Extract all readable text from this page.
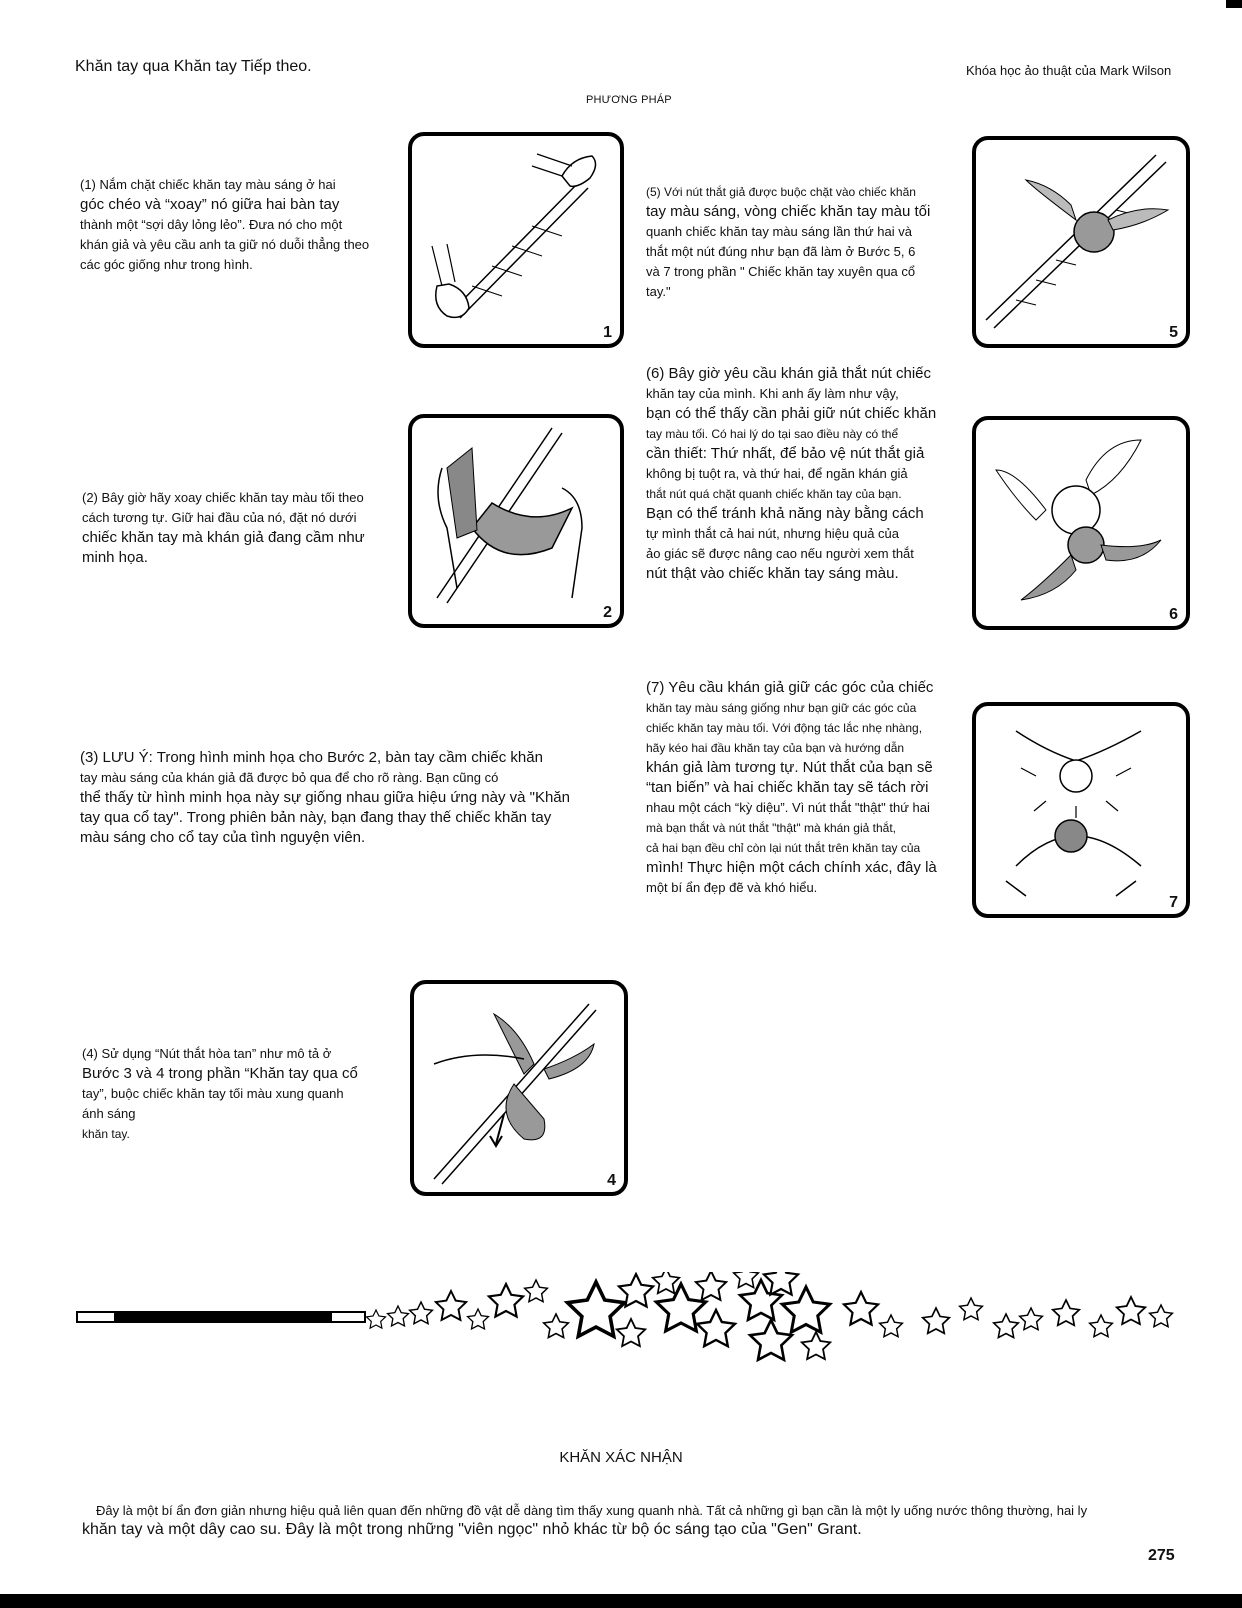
Khăn tay qua Khăn tay Tiếp theo.	Khóa học ảo thuật của Mark Wilson
PHƯƠNG PHÁP

(1) Nắm chặt chiếc khăn tay màu sáng ở hai

góc chéo và “xoay” nó giữa hai bàn tay

thành một “sợi dây lỏng lẻo”. Đưa nó cho một

khán giả và yêu cầu anh ta giữ nó duỗi thẳng theo

các góc giống như trong hình.

1

(5) Với nút thắt giả được buộc chặt vào chiếc khăn

tay màu sáng, vòng chiếc khăn tay màu tối

quanh chiếc khăn tay màu sáng lần thứ hai và

thắt một nút đúng như bạn đã làm ở Bước 5, 6

và 7 trong phần " Chiếc khăn tay xuyên qua cổ

tay."

5

(6) Bây giờ yêu cầu khán giả thắt nút chiếc

khăn tay của mình. Khi anh ấy làm như vậy,

bạn có thể thấy cần phải giữ nút chiếc khăn

tay màu tối. Có hai lý do tại sao điều này có thể

cần thiết: Thứ nhất, để bảo vệ nút thắt giả

không bị tuột ra, và thứ hai, để ngăn khán giả

thắt nút quá chặt quanh chiếc khăn tay của bạn.

Bạn có thể tránh khả năng này bằng cách

tự mình thắt cả hai nút, nhưng hiệu quả của

ảo giác sẽ được nâng cao nếu người xem thắt

nút thật vào chiếc khăn tay sáng màu.

(2) Bây giờ hãy xoay chiếc khăn tay màu tối theo

cách tương tự. Giữ hai đầu của nó, đặt nó dưới

chiếc khăn tay mà khán giả đang cầm như

minh họa.

2	6

(7) Yêu cầu khán giả giữ các góc của chiếc

khăn tay màu sáng giống như bạn giữ các góc của

chiếc khăn tay màu tối. Với động tác lắc nhẹ nhàng,

hãy kéo hai đầu khăn tay của bạn và hướng dẫn

khán giả làm tương tự. Nút thắt của bạn sẽ

“tan biến” và hai chiếc khăn tay sẽ tách rời

nhau một cách “kỳ diệu”. Vì nút thắt "thật" thứ hai

mà bạn thắt và nút thắt "thật" mà khán giả thắt,

cả hai bạn đều chỉ còn lại nút thắt trên khăn tay của

mình! Thực hiện một cách chính xác, đây là

một bí ẩn đẹp đẽ và khó hiểu.

7

(3) LƯU Ý: Trong hình minh họa cho Bước 2, bàn tay cầm chiếc khăn

tay màu sáng của khán giả đã được bỏ qua để cho rõ ràng. Bạn cũng có

thể thấy từ hình minh họa này sự giống nhau giữa hiệu ứng này và "Khăn

tay qua cổ tay". Trong phiên bản này, bạn đang thay thế chiếc khăn tay

màu sáng cho cổ tay của tình nguyện viên.

(4) Sử dụng “Nút thắt hòa tan” như mô tả ở

Bước 3 và 4 trong phần “Khăn tay qua cổ

tay”, buộc chiếc khăn tay tối màu xung quanh

ánh sáng

khăn tay.

4
KHĂN XÁC NHẬN

Đây là một bí ẩn đơn giản nhưng hiệu quả liên quan đến những đồ vật dễ dàng tìm thấy xung quanh nhà. Tất cả những gì bạn cần là một ly uống nước thông thường, hai ly

khăn tay và một dây cao su. Đây là một trong những "viên ngọc" nhỏ khác từ bộ óc sáng tạo của "Gen" Grant.

275
